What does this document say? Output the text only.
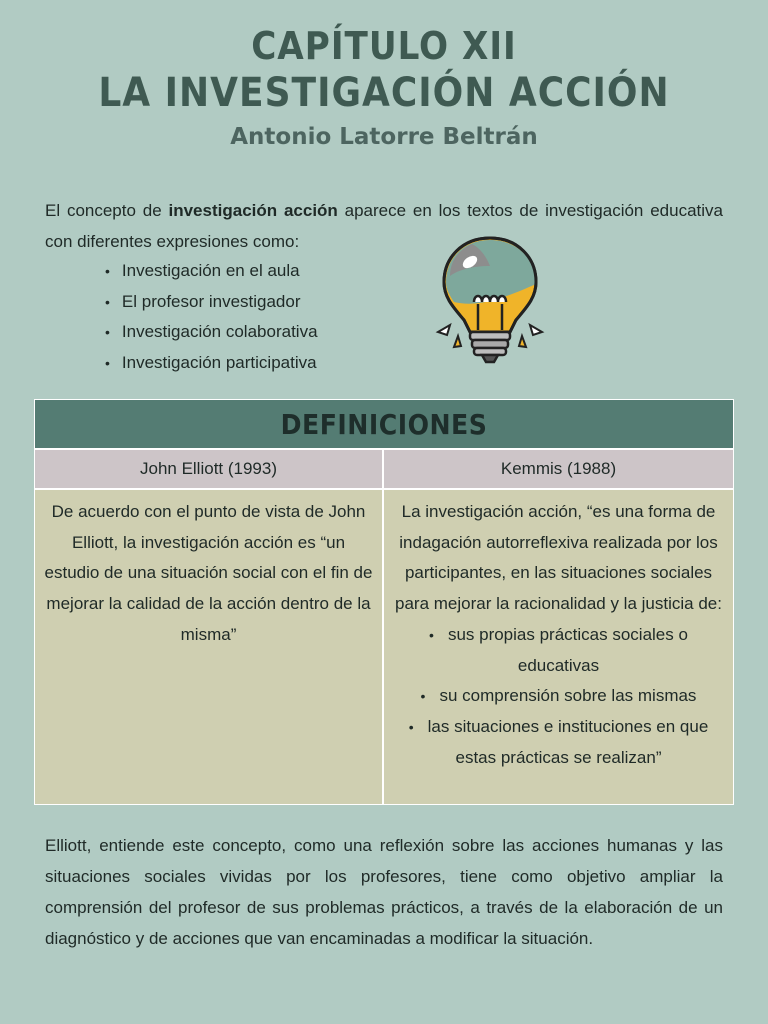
CAPÍTULO XII
LA INVESTIGACIÓN ACCIÓN
Antonio Latorre Beltrán
El concepto de investigación acción aparece en los textos de investigación educativa con diferentes expresiones como:
• Investigación en el aula
• El profesor investigador
• Investigación colaborativa
• Investigación participativa
DEFINICIONES
John Elliott (1993)	Kemmis (1988)

De acuerdo con el punto de vista de John Elliott, la investigación acción es “un estudio de una situación social con el fin de mejorar la calidad de la acción dentro de la misma”

La investigación acción, “es una forma de indagación autorreflexiva realizada por los participantes, en las situaciones sociales para mejorar la racionalidad y la justicia de:

• sus propias prácticas sociales o educativas
• su comprensión sobre las mismas
• las situaciones e instituciones en que estas prácticas se realizan”
Elliott, entiende este concepto, como una reflexión sobre las acciones humanas y las situaciones sociales vividas por los profesores, tiene como objetivo ampliar la comprensión del profesor de sus problemas prácticos, a través de la elaboración de un diagnóstico y de acciones que van encaminadas a modificar la situación.
